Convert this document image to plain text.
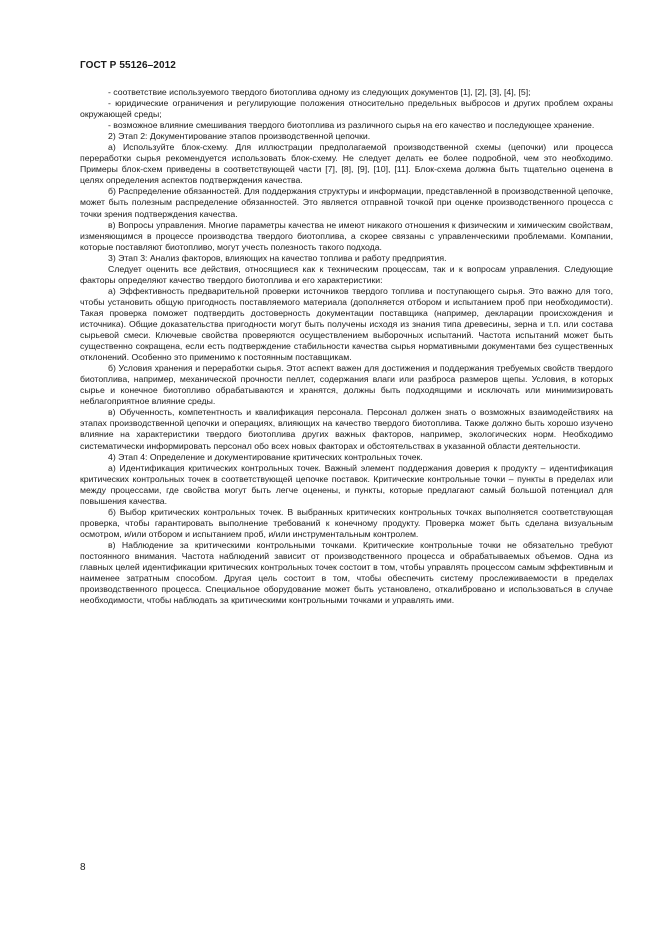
ГОСТ Р 55126–2012

- соответствие используемого твердого биотоплива одному из следующих документов [1], [2], [3], [4], [5];

- юридические ограничения и регулирующие положения относительно предельных выбросов и других проблем охраны окружающей среды;

- возможное влияние смешивания твердого биотоплива из различного сырья на его качество и последующее хранение.

2) Этап 2: Документирование этапов производственной цепочки.

а) Используйте блок-схему. Для иллюстрации предполагаемой производственной схемы (цепочки) или процесса переработки сырья рекомендуется использовать блок-схему. Не следует делать ее более подробной, чем это необходимо. Примеры блок-схем приведены в соответствующей части [7], [8], [9], [10], [11]. Блок-схема должна быть тщательно оценена в целях определения аспектов подтверждения качества.

б) Распределение обязанностей. Для поддержания структуры и информации, представленной в производственной цепочке, может быть полезным распределение обязанностей. Это является отправной точкой при оценке производственного процесса с точки зрения подтверждения качества.

в) Вопросы управления. Многие параметры качества не имеют никакого отношения к физическим и химическим свойствам, изменяющимся в процессе производства твердого биотоплива, а скорее связаны с управленческими проблемами. Компании, которые поставляют биотопливо, могут учесть полезность такого подхода.

3) Этап 3: Анализ факторов, влияющих на качество топлива и работу предприятия.

Следует оценить все действия, относящиеся как к техническим процессам, так и к вопросам управления. Следующие факторы определяют качество твердого биотоплива и его характеристики:

а) Эффективность предварительной проверки источников твердого топлива и поступающего сырья. Это важно для того, чтобы установить общую пригодность поставляемого материала (дополняется отбором и испытанием проб при необходимости). Такая проверка поможет подтвердить достоверность документации поставщика (например, декларации происхождения и источника). Общие доказательства пригодности могут быть получены исходя из знания типа древесины, зерна и т.п. или состава сырьевой смеси. Ключевые свойства проверяются осуществлением выборочных испытаний. Частота испытаний может быть существенно сокращена, если есть подтверждение стабильности качества сырья нормативными документами без существенных отклонений. Особенно это применимо к постоянным поставщикам.

б) Условия хранения и переработки сырья. Этот аспект важен для достижения и поддержания требуемых свойств твердого биотоплива, например, механической прочности пеллет, содержания влаги или разброса размеров щепы. Условия, в которых сырье и конечное биотопливо обрабатываются и хранятся, должны быть подходящими и исключать или минимизировать неблагоприятное влияние среды.

в) Обученность, компетентность и квалификация персонала. Персонал должен знать о возможных взаимодействиях на этапах производственной цепочки и операциях, влияющих на качество твердого биотоплива. Также должно быть хорошо изучено влияние на характеристики твердого биотоплива других важных факторов, например, экологических норм. Необходимо систематически информировать персонал обо всех новых факторах и обстоятельствах в указанной области деятельности.

4) Этап 4: Определение и документирование критических контрольных точек.

а) Идентификация критических контрольных точек. Важный элемент поддержания доверия к продукту – идентификация критических контрольных точек в соответствующей цепочке поставок. Критические контрольные точки – пункты в пределах или между процессами, где свойства могут быть легче оценены, и пункты, которые предлагают самый большой потенциал для повышения качества.

б) Выбор критических контрольных точек. В выбранных критических контрольных точках выполняется соответствующая проверка, чтобы гарантировать выполнение требований к конечному продукту. Проверка может быть сделана визуальным осмотром, и/или отбором и испытанием проб, и/или инструментальным контролем.

в) Наблюдение за критическими контрольными точками. Критические контрольные точки не обязательно требуют постоянного внимания. Частота наблюдений зависит от производственного процесса и обрабатываемых объемов. Одна из главных целей идентификации критических контрольных точек состоит в том, чтобы управлять процессом самым эффективным и наименее затратным способом. Другая цель состоит в том, чтобы обеспечить систему прослеживаемости в пределах производственного процесса. Специальное оборудование может быть установлено, откалибровано и использоваться в случае необходимости, чтобы наблюдать за критическими контрольными точками и управлять ими.

8
